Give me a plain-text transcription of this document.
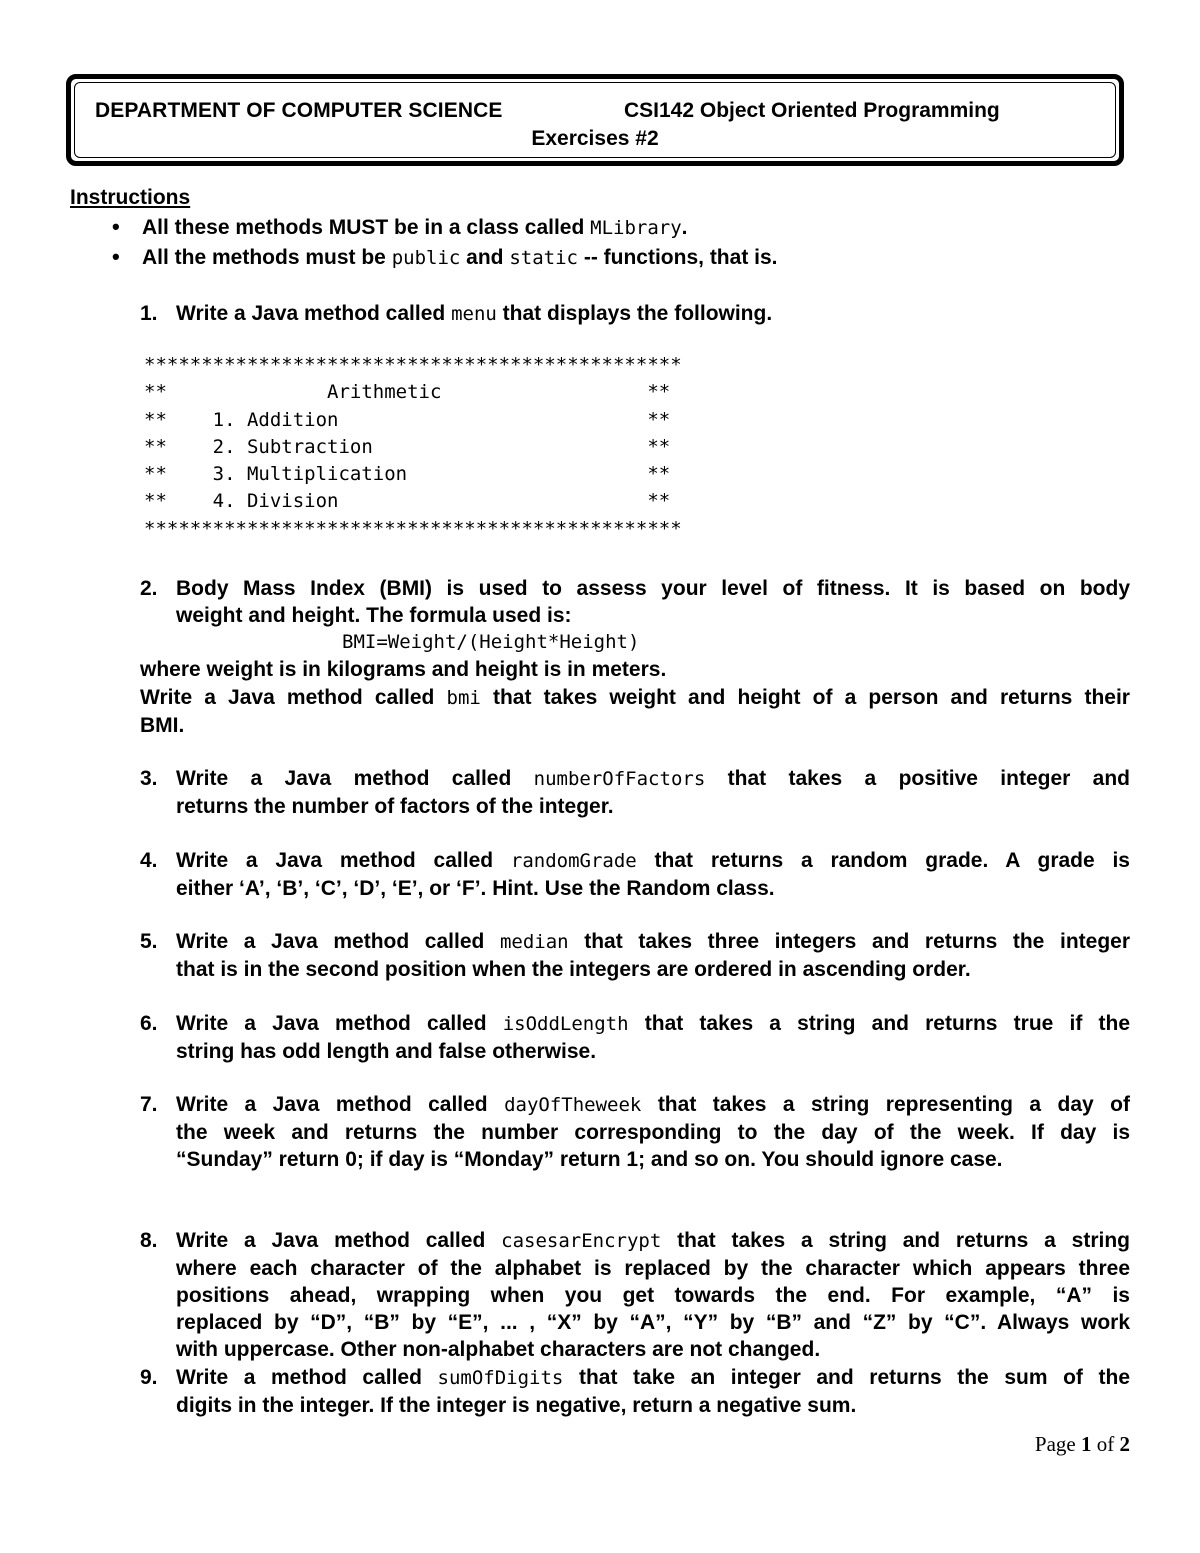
DEPARTMENT OF COMPUTER SCIENCE	CSI142 Object Oriented Programming
Exercises #2
Instructions
• All these methods MUST be in a class called MLibrary.
• All the methods must be public and static -- functions, that is.
1. Write a Java method called menu that displays the following.
***********************************************
**              Arithmetic                  **
**    1. Addition                           **
**    2. Subtraction                        **
**    3. Multiplication                     **
**    4. Division                           **
***********************************************
2. Body Mass Index (BMI) is used to assess your level of fitness. It is based on body
weight and height. The formula used is:
BMI=Weight/(Height*Height)
where weight is in kilograms and height is in meters.
Write a Java method called bmi that takes weight and height of a person and returns their
BMI.
3. Write a Java method called numberOfFactors that takes a positive integer and
returns the number of factors of the integer.
4. Write a Java method called randomGrade that returns a random grade. A grade is
either ‘A’, ‘B’, ‘C’, ‘D’, ‘E’, or ‘F’. Hint. Use the Random class.
5. Write a Java method called median that takes three integers and returns the integer
that is in the second position when the integers are ordered in ascending order.
6. Write a Java method called isOddLength that takes a string and returns true if the
string has odd length and false otherwise.
7. Write a Java method called dayOfTheweek that takes a string representing a day of
the week and returns the number corresponding to the day of the week. If day is
“Sunday” return 0; if day is “Monday” return 1; and so on. You should ignore case.
8. Write a Java method called casesarEncrypt that takes a string and returns a string
where each character of the alphabet is replaced by the character which appears three
positions ahead, wrapping when you get towards the end. For example, “A” is
replaced by “D”, “B” by “E”, ... , “X” by “A”, “Y” by “B” and “Z” by “C”. Always work
with uppercase. Other non-alphabet characters are not changed.
9. Write a method called sumOfDigits that take an integer and returns the sum of the
digits in the integer. If the integer is negative, return a negative sum.
Page 1 of 2
